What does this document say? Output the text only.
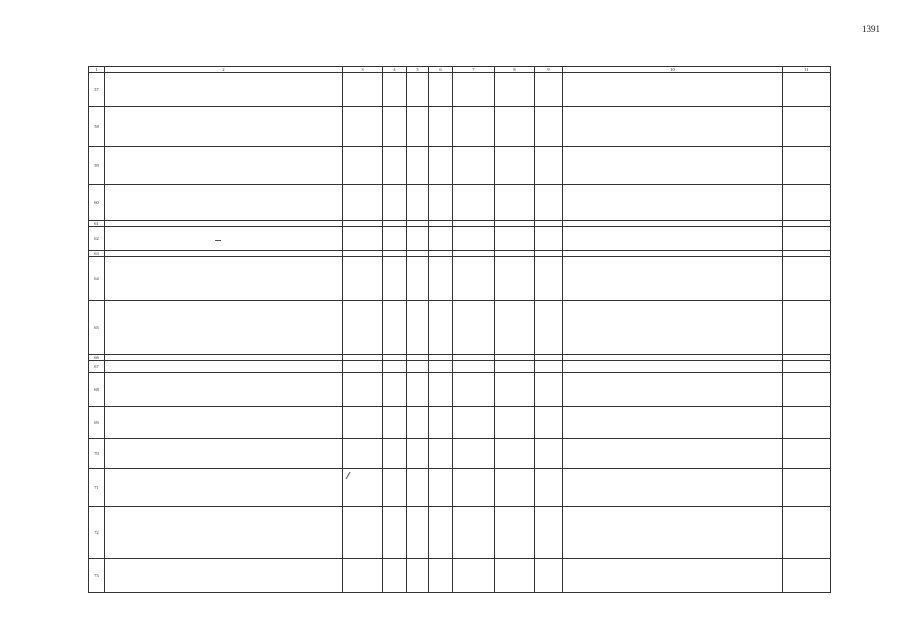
1391
1	2	3	4	5	6	7	8	9	10	11
57										
58										
59										
60										
61										
62										
63										
64										
65										
66										
67										
68										
69										
70										
71										
72										
73										
